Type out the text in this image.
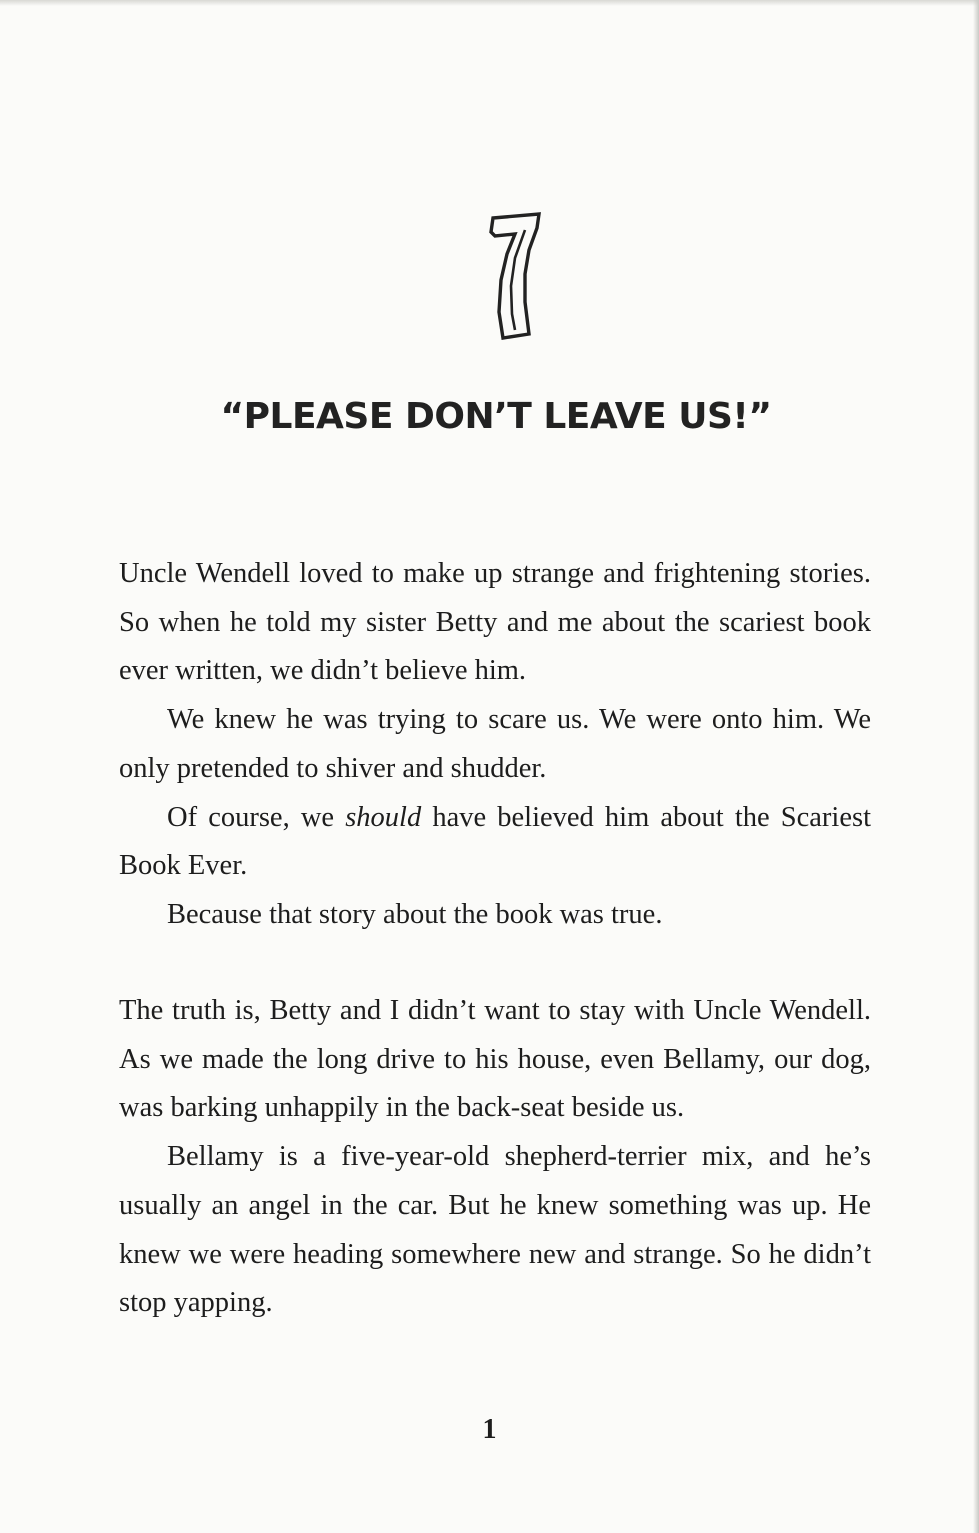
1
“PLEASE DON’T LEAVE US!”

Uncle Wendell loved to make up strange and frightening stories. So when he told my sister Betty and me about the scariest book ever written, we didn’t believe him.

We knew he was trying to scare us. We were onto him. We only pretended to shiver and shudder.

Of course, we should have believed him about the Scariest Book Ever.

Because that story about the book was true.

The truth is, Betty and I didn’t want to stay with Uncle Wendell. As we made the long drive to his house, even Bellamy, our dog, was barking unhappily in the back-seat beside us.

Bellamy is a five-year-old shepherd-terrier mix, and he’s usually an angel in the car. But he knew something was up. He knew we were heading somewhere new and strange. So he didn’t stop yapping.

1
